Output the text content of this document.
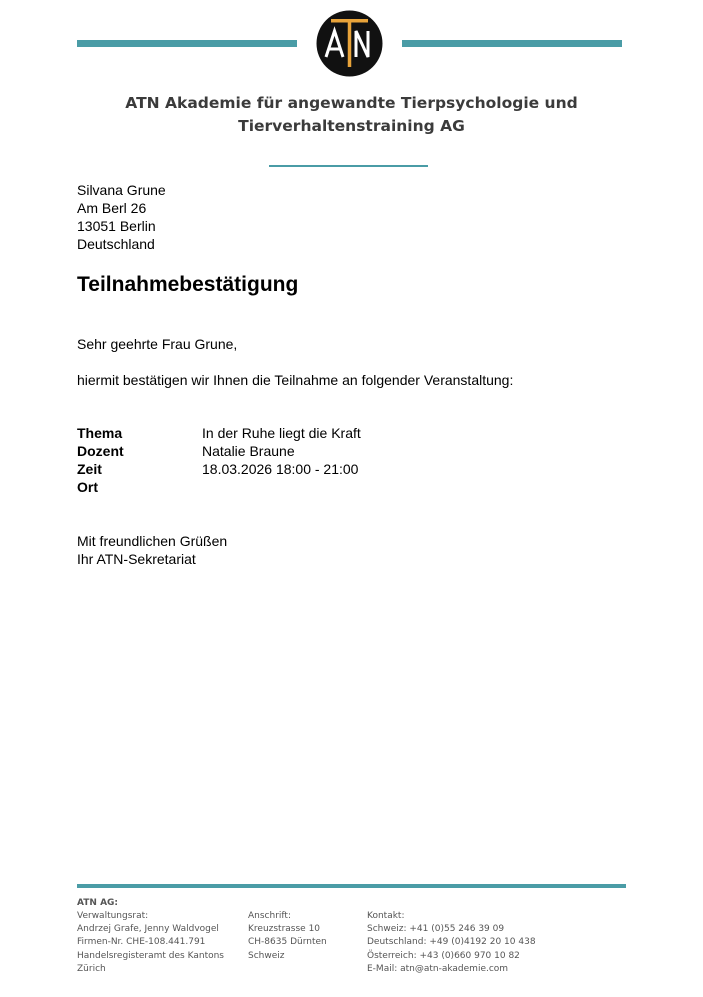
ATN Akademie für angewandte Tierpsychologie und
Tierverhaltenstraining AG
Silvana Grune
Am Berl 26
13051 Berlin
Deutschland
Teilnahmebestätigung
Sehr geehrte Frau Grune,
hiermit bestätigen wir Ihnen die Teilnahme an folgender Veranstaltung:
Thema	In der Ruhe liegt die Kraft
Dozent	Natalie Braune
Zeit	18.03.2026 18:00 - 21:00
Ort
Mit freundlichen Grüßen
Ihr ATN-Sekretariat
ATN AG:
Verwaltungsrat:
Andrzej Grafe, Jenny Waldvogel
Firmen-Nr. CHE-108.441.791
Handelsregisteramt des Kantons
Zürich
Anschrift:
Kreuzstrasse 10
CH-8635 Dürnten
Schweiz
Kontakt:
Schweiz: +41 (0)55 246 39 09
Deutschland: +49 (0)4192 20 10 438
Österreich: +43 (0)660 970 10 82
E-Mail: atn@atn-akademie.com
